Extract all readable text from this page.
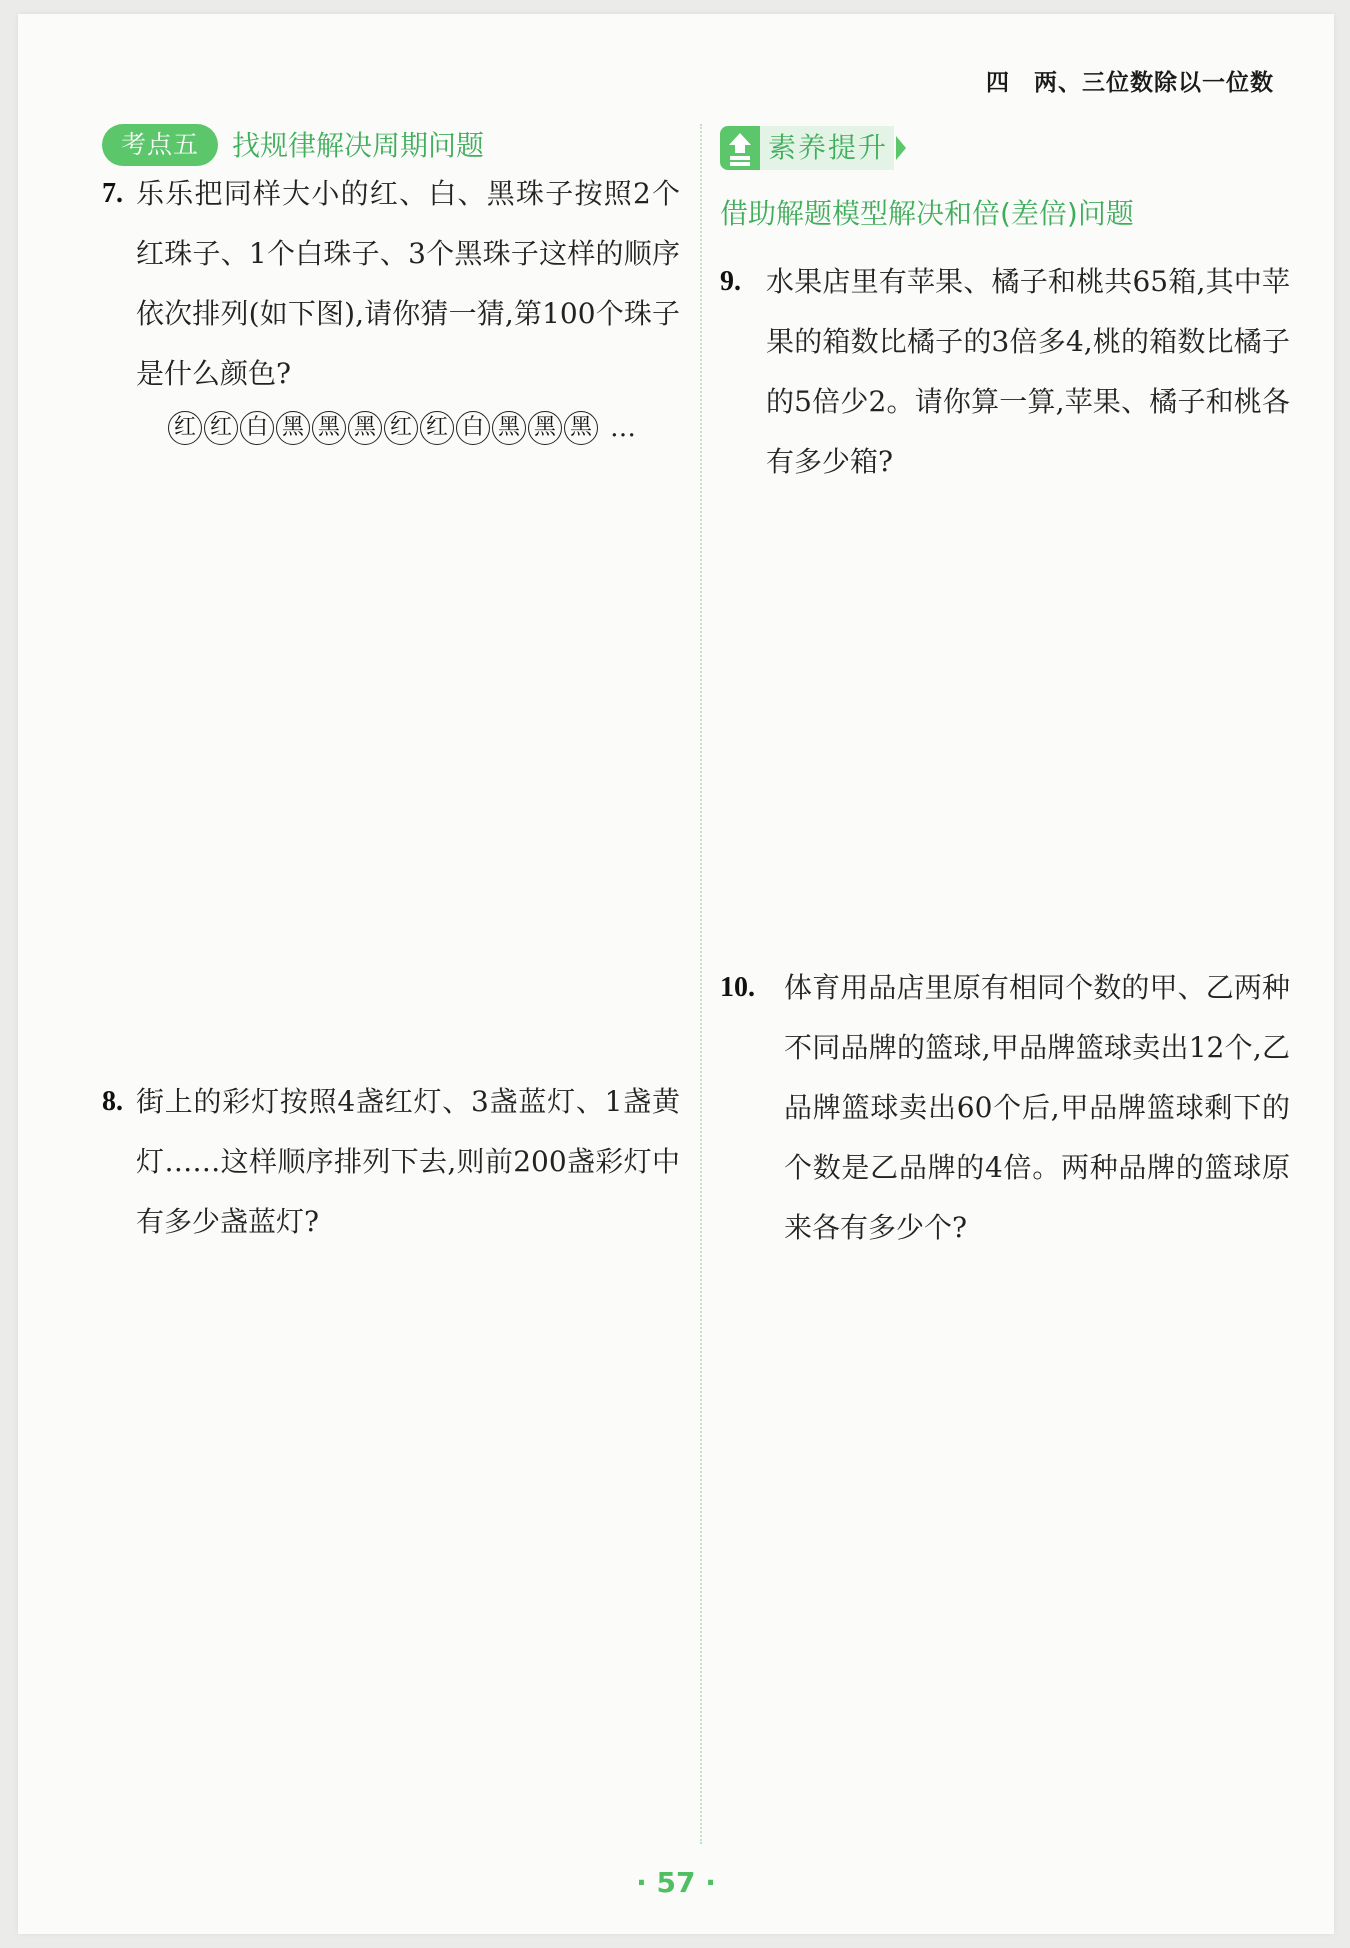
四　两、三位数除以一位数
考点五	找规律解决周期问题
7. 乐乐把同样大小的红、白、黑珠子按照2个红珠子、1个白珠子、3个黑珠子这样的顺序依次排列(如下图),请你猜一猜,第100个珠子是什么颜色?
红 红 白 黑 黑 黑 红 红 白 黑 黑 黑 …
8. 街上的彩灯按照4盏红灯、3盏蓝灯、1盏黄灯……这样顺序排列下去,则前200盏彩灯中有多少盏蓝灯?
素养提升
借助解题模型解决和倍(差倍)问题
9. 水果店里有苹果、橘子和桃共65箱,其中苹果的箱数比橘子的3倍多4,桃的箱数比橘子的5倍少2。请你算一算,苹果、橘子和桃各有多少箱?
10. 体育用品店里原有相同个数的甲、乙两种不同品牌的篮球,甲品牌篮球卖出12个,乙品牌篮球卖出60个后,甲品牌篮球剩下的个数是乙品牌的4倍。两种品牌的篮球原来各有多少个?
· 57 ·
